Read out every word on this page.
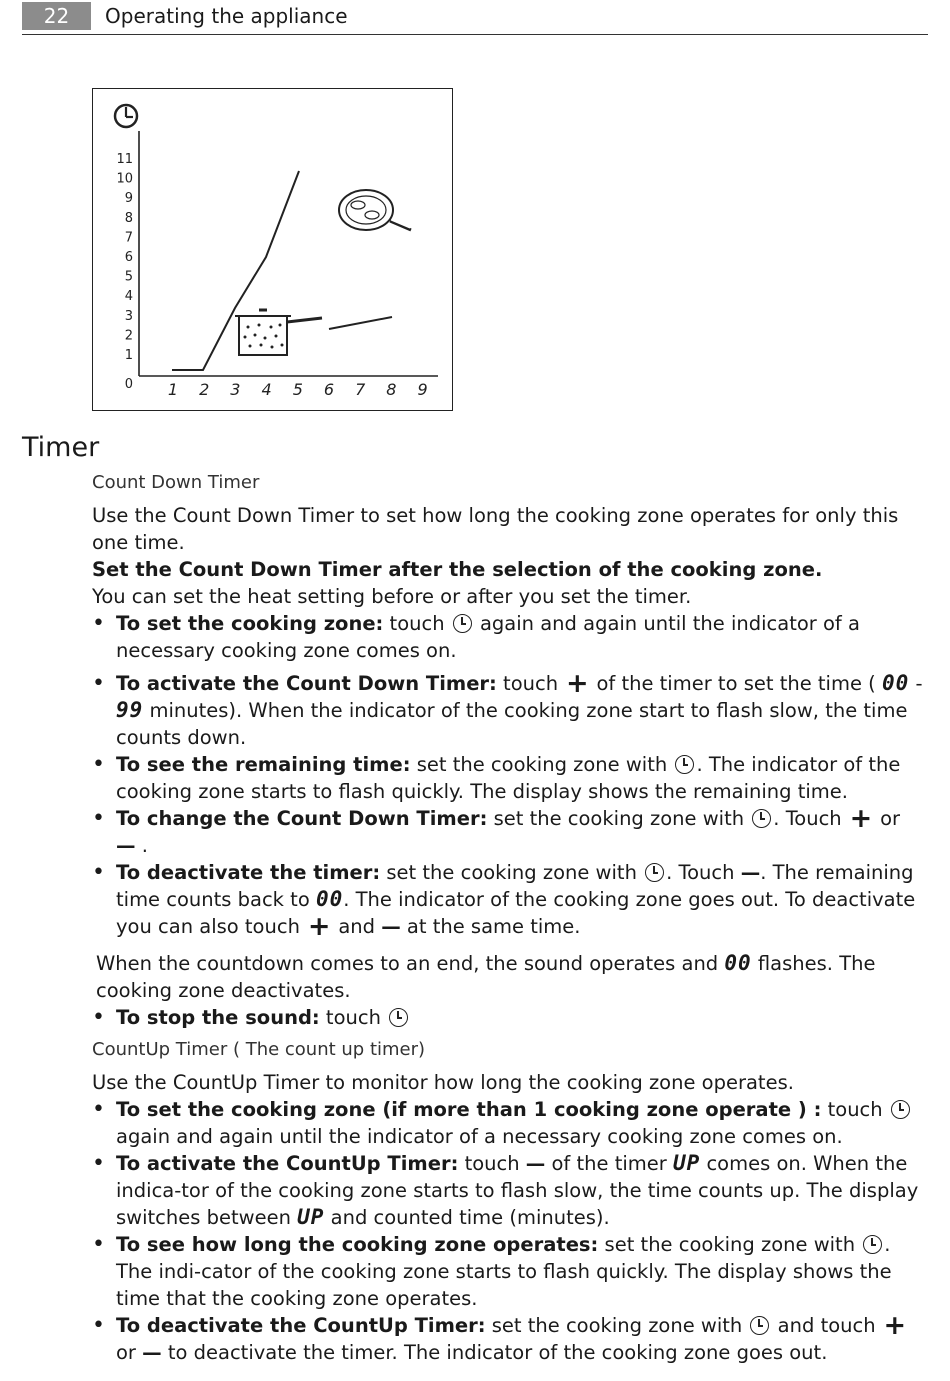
22	Operating the appliance
0
1
2
3
4
5
6
7
8
9
10
11
1 2 3 4 5 6 7 8 9
Timer
Count Down Timer

Use the Count Down Timer to set how long the cooking zone operates for only this one time.

Set the Count Down Timer after the selection of the cooking zone.

You can set the heat setting before or after you set the timer.

• To set the cooking zone: touch  again and again until the indicator of a necessary cooking zone comes on.
• To activate the Count Down Timer: touch + of the timer to set the time ( 00 - 99 minutes). When the indicator of the cooking zone start to flash slow, the time counts down.
• To see the remaining time: set the cooking zone with . The indicator of the cooking zone starts to flash quickly. The display shows the remaining time.
• To change the Count Down Timer: set the cooking zone with . Touch + or — .
• To deactivate the timer: set the cooking zone with . Touch —. The remaining time counts back to 00. The indicator of the cooking zone goes out. To deactivate you can also touch + and — at the same time.

When the countdown comes to an end, the sound operates and 00 flashes. The cooking zone deactivates.

• To stop the sound: touch
CountUp Timer ( The count up timer)

Use the CountUp Timer to monitor how long the cooking zone operates.

• To set the cooking zone (if more than 1 cooking zone operate ) : touch  again and again until the indicator of a necessary cooking zone comes on.
• To activate the CountUp Timer: touch — of the timer UP comes on. When the indica-tor of the cooking zone starts to flash slow, the time counts up. The display switches between UP and counted time (minutes).
• To see how long the cooking zone operates: set the cooking zone with . The indi-cator of the cooking zone starts to flash quickly. The display shows the time that the cooking zone operates.
• To deactivate the CountUp Timer: set the cooking zone with  and touch + or — to deactivate the timer. The indicator of the cooking zone goes out.
